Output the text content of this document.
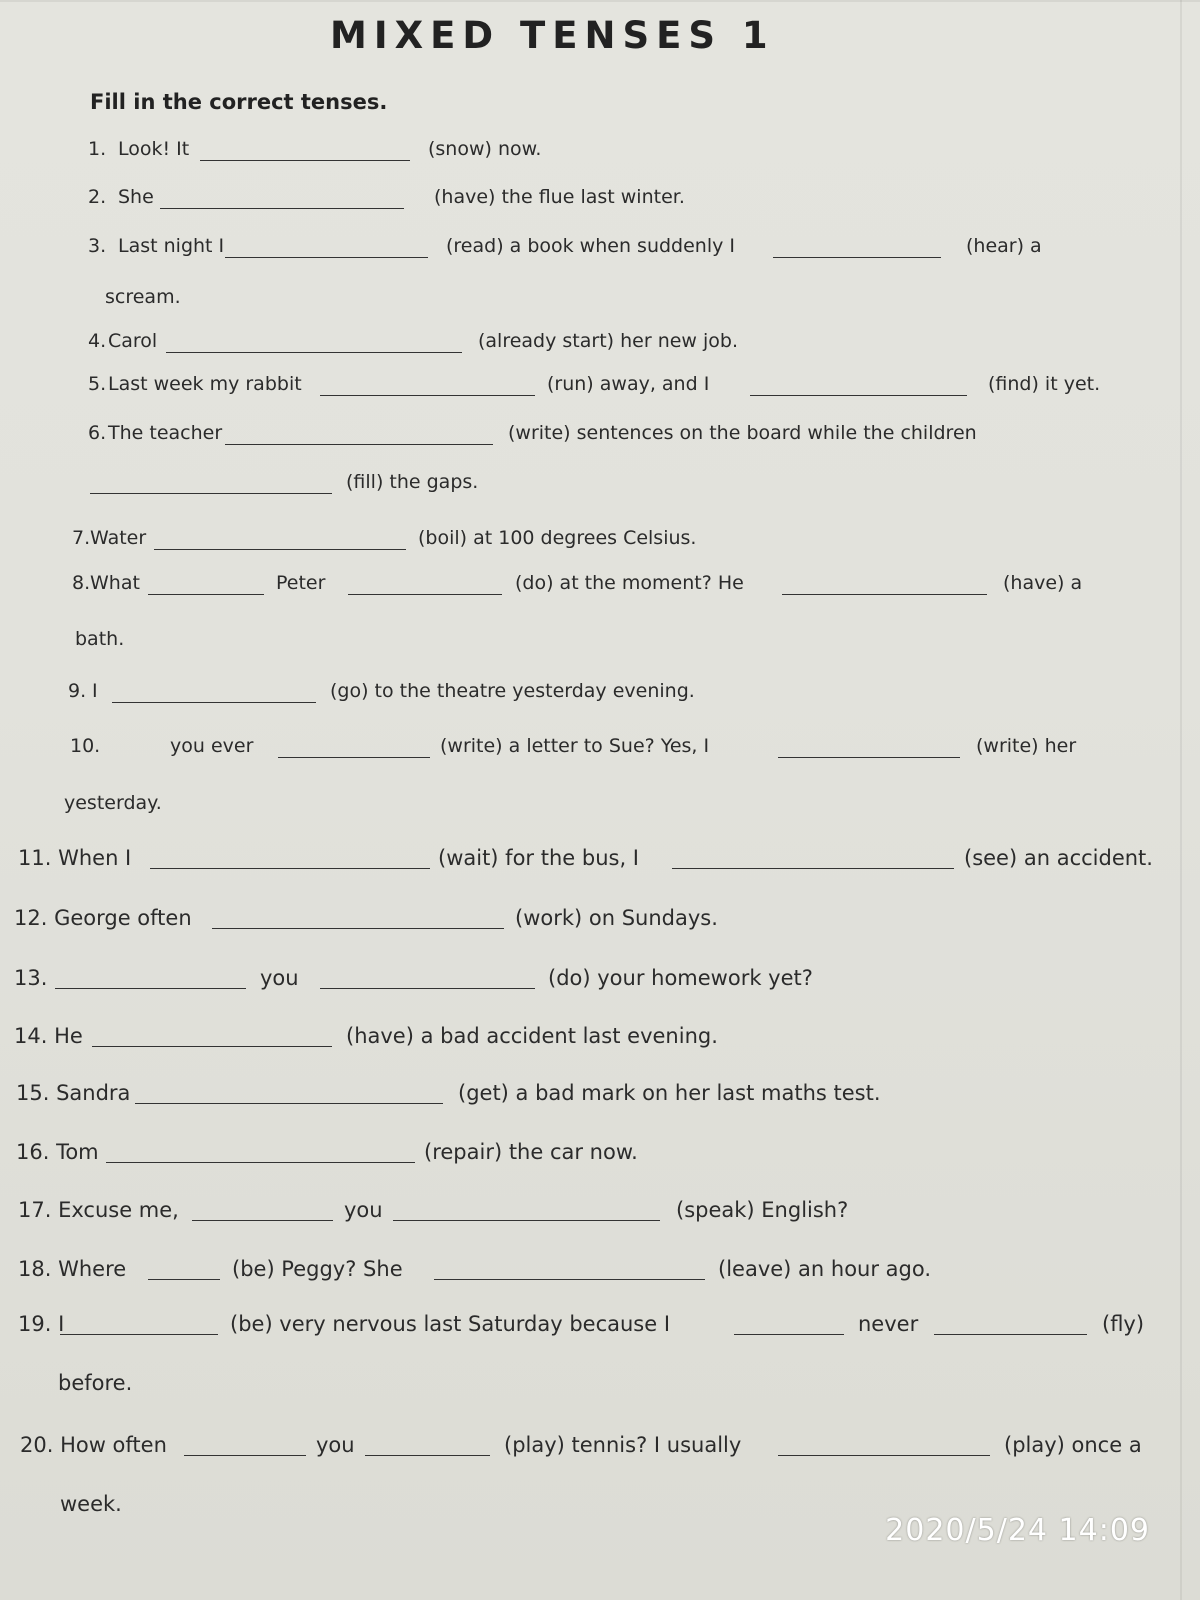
MIXED TENSES 1
Fill in the correct tenses.
1. Look! It	(snow) now.
2. She	(have) the flue last winter.
3. Last night I	(read) a book when suddenly I	(hear) a
scream.
4. Carol	(already start) her new job.
5. Last week my rabbit	(run) away, and I	(find) it yet.
6. The teacher	(write) sentences on the board while the children
(fill) the gaps.
7. Water	(boil) at 100 degrees Celsius.
8. What	Peter	(do) at the moment? He	(have) a
bath.
9. I	(go) to the theatre yesterday evening.
10.	you ever	(write) a letter to Sue? Yes, I	(write) her
yesterday.
11. When I	(wait) for the bus, I	(see) an accident.
12. George often	(work) on Sundays.
13.	you	(do) your homework yet?
14. He	(have) a bad accident last evening.
15. Sandra	(get) a bad mark on her last maths test.
16. Tom	(repair) the car now.
17. Excuse me,	you	(speak) English?
18. Where	(be) Peggy? She	(leave) an hour ago.
19. I	(be) very nervous last Saturday because I	never	(fly)
before.
20. How often	you	(play) tennis? I usually	(play) once a
week.
2020/5/24 14:09
